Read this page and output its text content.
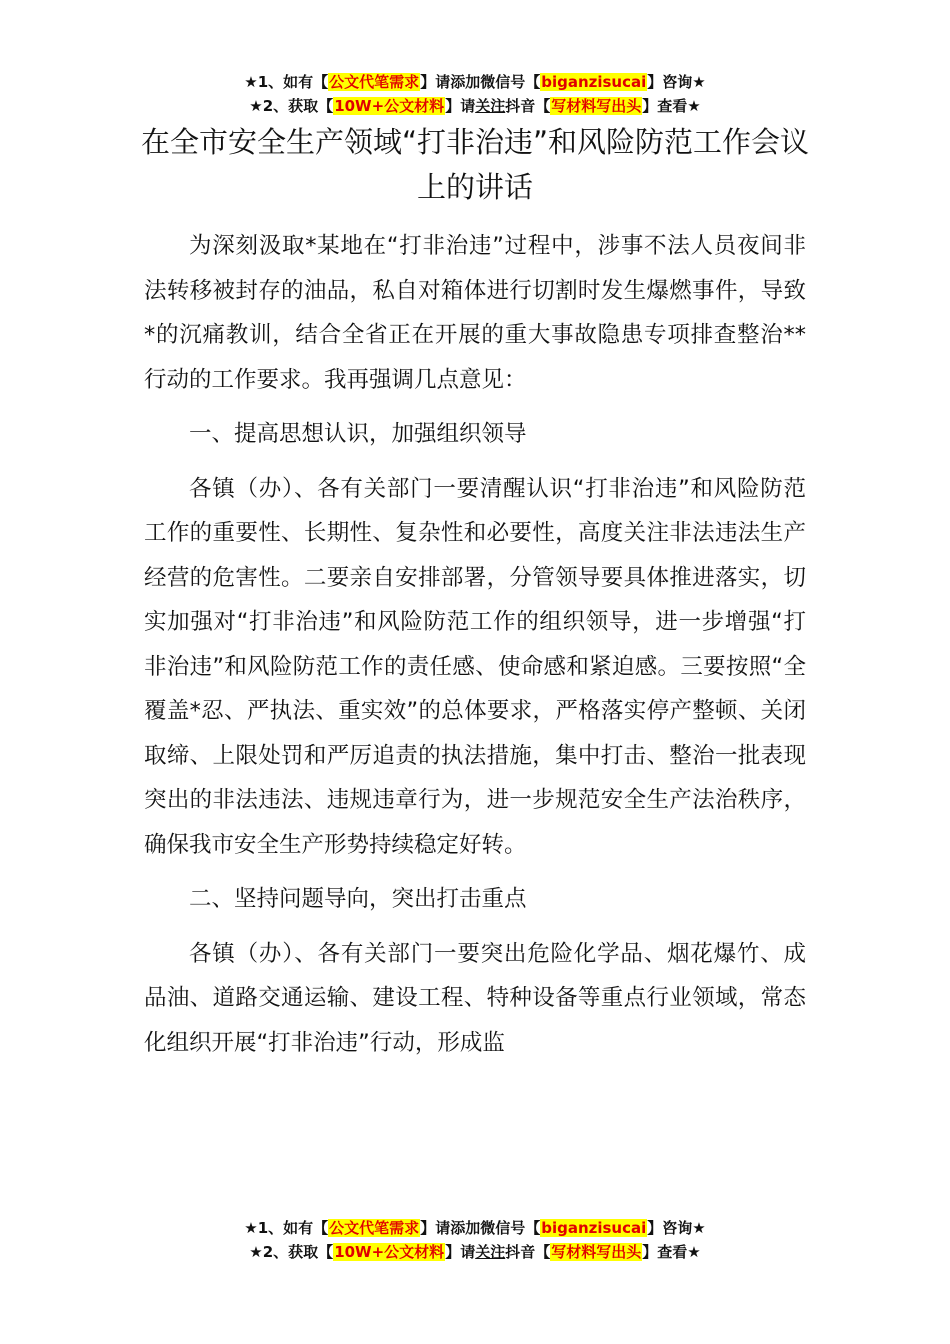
★1、如有【公文代笔需求】请添加微信号【biganzisucai】咨询★
★2、获取【10W+公文材料】请关注抖音【写材料写出头】查看★
在全市安全生产领域“打非治违”和风险防范工作会议上的讲话

为深刻汲取*某地在“打非治违”过程中，涉事不法人员夜间非法转移被封存的油品，私自对箱体进行切割时发生爆燃事件，导致*的沉痛教训，结合全省正在开展的重大事故隐患专项排查整治**行动的工作要求。我再强调几点意见：

一、提高思想认识，加强组织领导

各镇（办）、各有关部门一要清醒认识“打非治违”和风险防范工作的重要性、长期性、复杂性和必要性，高度关注非法违法生产经营的危害性。二要亲自安排部署，分管领导要具体推进落实，切实加强对“打非治违”和风险防范工作的组织领导，进一步增强“打非治违”和风险防范工作的责任感、使命感和紧迫感。三要按照“全覆盖*忍、严执法、重实效”的总体要求，严格落实停产整顿、关闭取缔、上限处罚和严厉追责的执法措施，集中打击、整治一批表现突出的非法违法、违规违章行为，进一步规范安全生产法治秩序，确保我市安全生产形势持续稳定好转。

二、坚持问题导向，突出打击重点

各镇（办）、各有关部门一要突出危险化学品、烟花爆竹、成品油、道路交通运输、建设工程、特种设备等重点行业领域，常态化组织开展“打非治违”行动，形成监

★1、如有【公文代笔需求】请添加微信号【biganzisucai】咨询★
★2、获取【10W+公文材料】请关注抖音【写材料写出头】查看★
